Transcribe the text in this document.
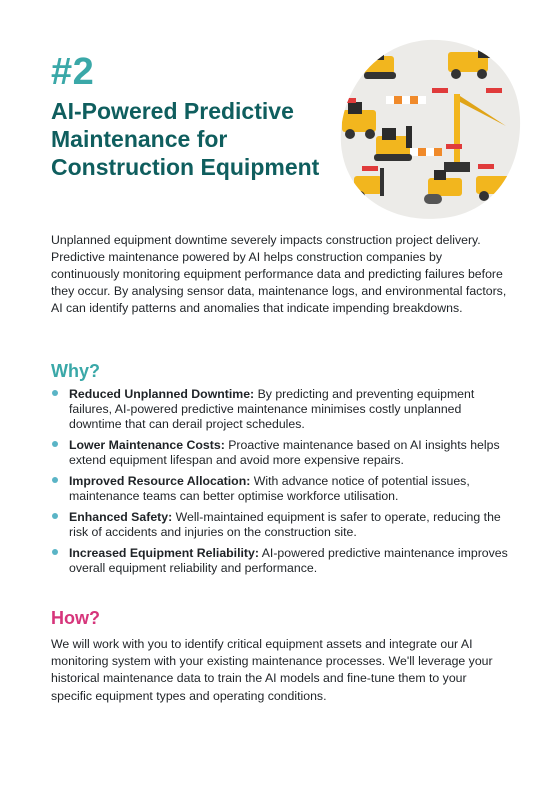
#2
AI-Powered Predictive Maintenance for Construction Equipment

Unplanned equipment downtime severely impacts construction project delivery. Predictive maintenance powered by AI helps construction companies by continuously monitoring equipment performance data and predicting failures before they occur. By analysing sensor data, maintenance logs, and environmental factors, AI can identify patterns and anomalies that indicate impending breakdowns.

Why?
Reduced Unplanned Downtime: By predicting and preventing equipment failures, AI-powered predictive maintenance minimises costly unplanned downtime that can derail project schedules.
Lower Maintenance Costs: Proactive maintenance based on AI insights helps extend equipment lifespan and avoid more expensive repairs.
Improved Resource Allocation: With advance notice of potential issues, maintenance teams can better optimise workforce utilisation.
Enhanced Safety: Well-maintained equipment is safer to operate, reducing the risk of accidents and injuries on the construction site.
Increased Equipment Reliability: AI-powered predictive maintenance improves overall equipment reliability and performance.
How?

We will work with you to identify critical equipment assets and integrate our AI monitoring system with your existing maintenance processes. We'll leverage your historical maintenance data to train the AI models and fine-tune them to your specific equipment types and operating conditions.
